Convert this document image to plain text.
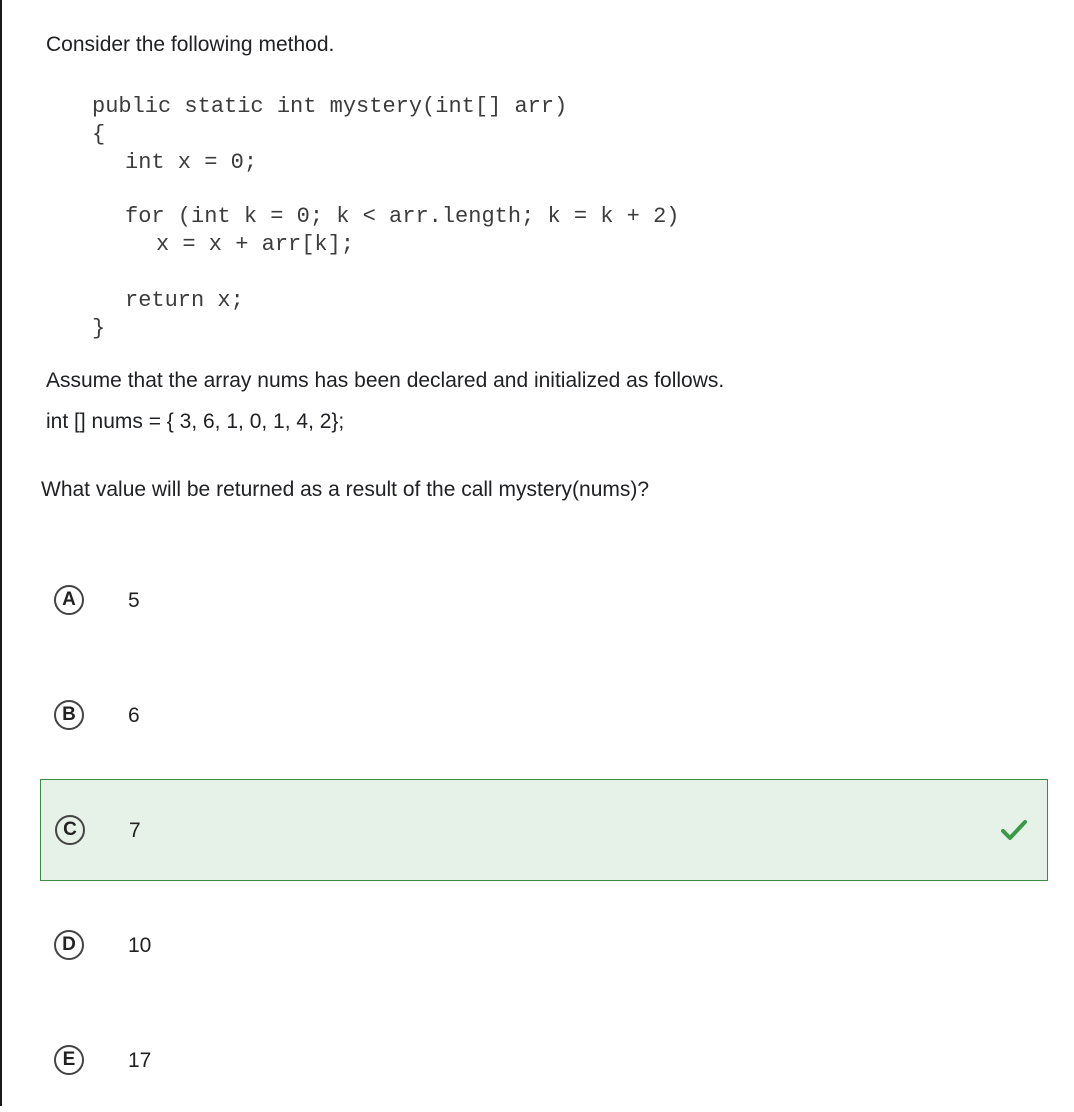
Consider the following method.
public static int mystery(int[] arr)
{
int x = 0;
for (int k = 0; k < arr.length; k = k + 2)
x = x + arr[k];
return x;
}
Assume that the array nums has been declared and initialized as follows.
int [] nums = { 3, 6, 1, 0, 1, 4, 2};
What value will be returned as a result of the call mystery(nums)?
A	5
B	6
C	7
D	10
E	17
